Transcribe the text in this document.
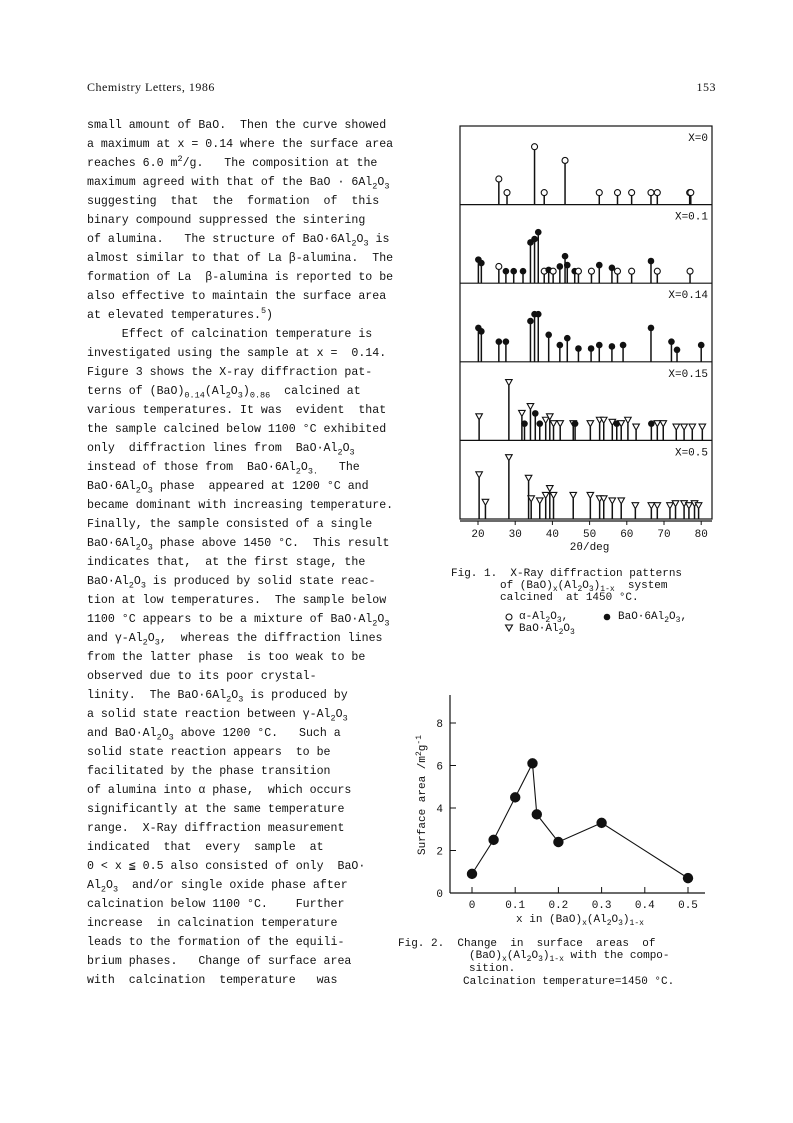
Chemistry Letters, 1986	153
small amount of BaO.  Then the curve showed
a maximum at x = 0.14 where the surface area
reaches 6.0 $m^2/g$.   The composition at the
maximum agreed with that of the BaO · $6Al_2O_3$
suggesting  that  the  formation  of  this
binary compound suppressed the sintering
of alumina.   The structure of $BaO\cdot 6Al_2O_3$ is
almost similar to that of La β-alumina.  The
formation of La  β-alumina is reported to be
also effective to maintain the surface area
at elevated temperatures.$^5$)
Effect of calcination temperature is
investigated using the sample at x =  0.14.
Figure 3 shows the X-ray diffraction pat-
terns of $(BaO)_{0.14}(Al_2O_3)_{0.86}$  calcined at
various temperatures. It was  evident  that
the sample calcined below 1100 °C exhibited
only  diffraction lines from  $BaO\cdot Al_2O_3$
instead of those from  $BaO\cdot 6Al_2O_{3.}$   The
$BaO\cdot 6Al_2O_3$ phase  appeared at 1200 °C and
became dominant with increasing temperature.
Finally, the sample consisted of a single
$BaO\cdot 6Al_2O_3$ phase above 1450 °C.  This result
indicates that,  at the first stage, the
$BaO\cdot Al_2O_3$ is produced by solid state reac-
tion at low temperatures.  The sample below
1100 °C appears to be a mixture of $BaO\cdot Al_2O_3$
and $\gamma-Al_2O_3$,  whereas the diffraction lines
from the latter phase  is too weak to be
observed due to its poor crystal-
linity.  The $BaO\cdot 6Al_2O_3$ is produced by
a solid state reaction between $\gamma-Al_2O_3$
and $BaO\cdot Al_2O_3$ above 1200 °C.   Such a
solid state reaction appears  to be
facilitated by the phase transition
of alumina into α phase,  which occurs
significantly at the same temperature
range.  X-Ray diffraction measurement
indicated  that  every  sample  at
0 < x ≦ 0.5 also consisted of only  BaO·
$Al_2O_3$  and/or single oxide phase after
calcination below 1100 °C.    Further
increase  in calcination temperature
leads to the formation of the equili-
brium phases.   Change of surface area
with  calcination  temperature   was
X=0
X=0.1
X=0.14
X=0.15
X=0.5
20 30 40 50 60 70 80
2θ/deg
Fig. 1.  X-Ray diffraction patterns
of $(BaO)_x(Al_2O_3)_{1-x}$  system
calcined  at 1450 °C.
$\alpha-Al_2O_3$,	$BaO\cdot 6Al_2O_3$,
$BaO\cdot Al_2O_3$
0
2
4
6
8
0	0.1 0.2 0.3 0.4 0.5
x in $(BaO)_x(Al_2O_3)_{1-x}$
Surface area $/m^2g^{-1}$
Fig. 2.  Change  in  surface  areas  of
$(BaO)_x(Al_2O_3)_{1-x}$ with the compo-
sition.
Calcination temperature=1450 °C.
